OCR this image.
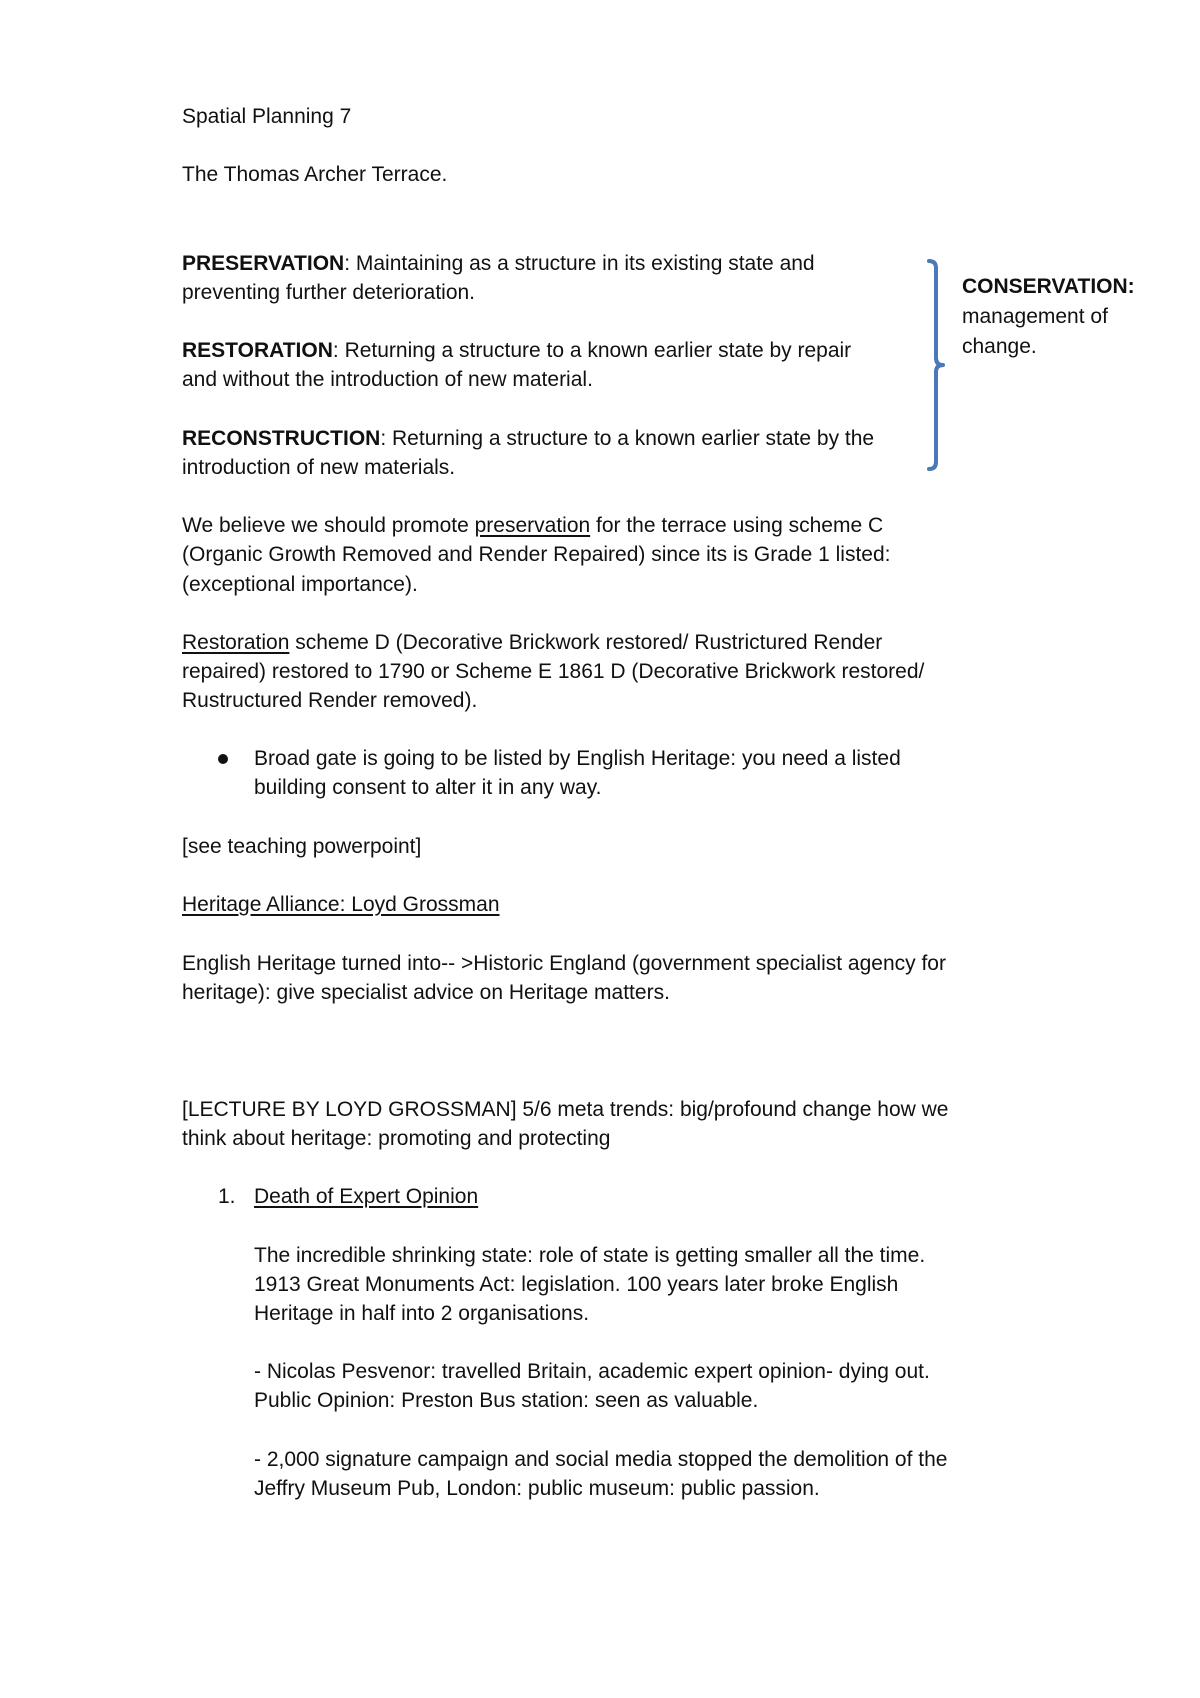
Spatial Planning 7
The Thomas Archer Terrace.
PRESERVATION: Maintaining as a structure in its existing state and
preventing further deterioration.
RESTORATION: Returning a structure to a known earlier state by repair
and without the introduction of new material.
RECONSTRUCTION: Returning a structure to a known earlier state by the
introduction of new materials.
CONSERVATION:
management of
change.
We believe we should promote preservation for the terrace using scheme C
(Organic Growth Removed and Render Repaired) since its is Grade 1 listed:
(exceptional importance).
Restoration scheme D (Decorative Brickwork restored/ Rustrictured Render
repaired) restored to 1790 or Scheme E 1861 D (Decorative Brickwork restored/
Rustructured Render removed).
Broad gate is going to be listed by English Heritage: you need a listed
building consent to alter it in any way.
[see teaching powerpoint]
Heritage Alliance: Loyd Grossman
English Heritage turned into-- >Historic England (government specialist agency for
heritage): give specialist advice on Heritage matters.
[LECTURE BY LOYD GROSSMAN] 5/6 meta trends: big/profound change how we
think about heritage: promoting and protecting
1. Death of Expert Opinion
The incredible shrinking state: role of state is getting smaller all the time.
1913 Great Monuments Act: legislation. 100 years later broke English
Heritage in half into 2 organisations.
- Nicolas Pesvenor: travelled Britain, academic expert opinion- dying out.
Public Opinion: Preston Bus station: seen as valuable.
- 2,000 signature campaign and social media stopped the demolition of the
Jeffry Museum Pub, London: public museum: public passion.
